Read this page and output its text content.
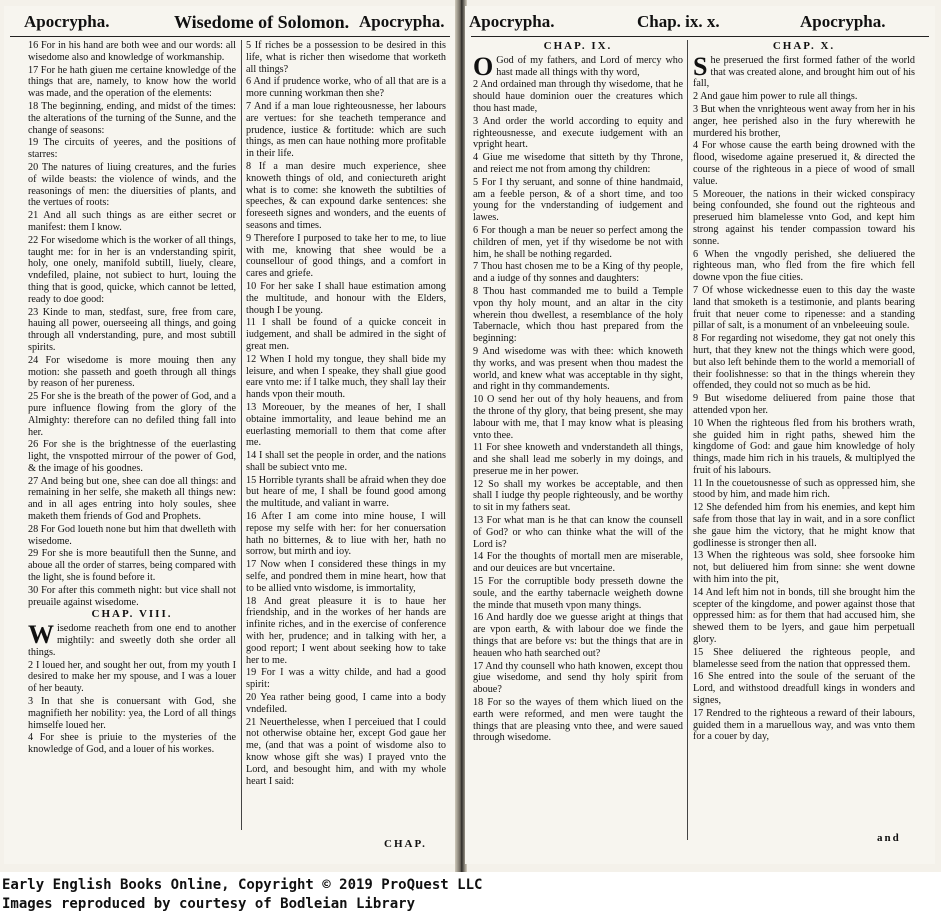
Apocrypha.	Wisedome of Solomon. Apocrypha.

16 For in his hand are both wee and our words: all wisedome also and knowledge of workmanship.

17 For he hath giuen me certaine knowledge of the things that are, namely, to know how the world was made, and the operation of the elements:

18 The beginning, ending, and midst of the times: the alterations of the turning of the Sunne, and the change of seasons:

19 The circuits of yeeres, and the positions of starres:

20 The natures of liuing creatures, and the furies of wilde beasts: the violence of winds, and the reasonings of men: the diuersities of plants, and the vertues of roots:

21 And all such things as are either secret or manifest: them I know.

22 For wisedome which is the worker of all things, taught me: for in her is an vnderstanding spirit, holy, one onely, manifold subtill, liuely, cleare, vndefiled, plaine, not subiect to hurt, louing the thing that is good, quicke, which cannot be letted, ready to doe good:

23 Kinde to man, stedfast, sure, free from care, hauing all power, ouerseeing all things, and going through all vnderstanding, pure, and most subtill spirits.

24 For wisedome is more mouing then any motion: she passeth and goeth through all things by reason of her pureness.

25 For she is the breath of the power of God, and a pure influence flowing from the glory of the Almighty: therefore can no defiled thing fall into her.

26 For she is the brightnesse of the euerlasting light, the vnspotted mirrour of the power of God, & the image of his goodnes.

27 And being but one, shee can doe all things: and remaining in her selfe, she maketh all things new: and in all ages entring into holy soules, shee maketh them friends of God and Prophets.

28 For God loueth none but him that dwelleth with wisedome.

29 For she is more beautifull then the Sunne, and aboue all the order of starres, being compared with the light, she is found before it.

30 For after this commeth night: but vice shall not preuaile against wisedome.

CHAP. VIII.

Wisedome reacheth from one end to another mightily: and sweetly doth she order all things.

2 I loued her, and sought her out, from my youth I desired to make her my spouse, and I was a louer of her beauty.

3 In that she is conuersant with God, she magnifieth her nobility: yea, the Lord of all things himselfe loued her.

4 For shee is priuie to the mysteries of the knowledge of God, and a louer of his workes.

5 If riches be a possession to be desired in this life, what is richer then wisedome that worketh all things?

6 And if prudence worke, who of all that are is a more cunning workman then she?

7 And if a man loue righteousnesse, her labours are vertues: for she teacheth temperance and prudence, iustice & fortitude: which are such things, as men can haue nothing more profitable in their life.

8 If a man desire much experience, shee knoweth things of old, and coniectureth aright what is to come: she knoweth the subtilties of speeches, & can expound darke sentences: she foreseeth signes and wonders, and the euents of seasons and times.

9 Therefore I purposed to take her to me, to liue with me, knowing that shee would be a counsellour of good things, and a comfort in cares and griefe.

10 For her sake I shall haue estimation among the multitude, and honour with the Elders, though I be young.

11 I shall be found of a quicke conceit in iudgement, and shall be admired in the sight of great men.

12 When I hold my tongue, they shall bide my leisure, and when I speake, they shall giue good eare vnto me: if I talke much, they shall lay their hands vpon their mouth.

13 Moreouer, by the meanes of her, I shall obtaine immortality, and leaue behind me an euerlasting memoriall to them that come after me.

14 I shall set the people in order, and the nations shall be subiect vnto me.

15 Horrible tyrants shall be afraid when they doe but heare of me, I shall be found good among the multitude, and valiant in warre.

16 After I am come into mine house, I will repose my selfe with her: for her conuersation hath no bitternes, & to liue with her, hath no sorrow, but mirth and ioy.

17 Now when I considered these things in my selfe, and pondred them in mine heart, how that to be allied vnto wisdome, is immortality,

18 And great pleasure it is to haue her friendship, and in the workes of her hands are infinite riches, and in the exercise of conference with her, prudence; and in talking with her, a good report; I went about seeking how to take her to me.

19 For I was a witty childe, and had a good spirit:

20 Yea rather being good, I came into a body vndefiled.

21 Neuerthelesse, when I perceiued that I could not otherwise obtaine her, except God gaue her me, (and that was a point of wisdome also to know whose gift she was) I prayed vnto the Lord, and besought him, and with my whole heart I said:

CHAP.
Apocrypha.	Chap. ix. x.	Apocrypha.
CHAP. IX.

OGod of my fathers, and Lord of mercy who hast made all things with thy word,

2 And ordained man through thy wisedome, that he should haue dominion ouer the creatures which thou hast made,

3 And order the world according to equity and righteousnesse, and execute iudgement with an vpright heart.

4 Giue me wisedome that sitteth by thy Throne, and reiect me not from among thy children:

5 For I thy seruant, and sonne of thine handmaid, am a feeble person, & of a short time, and too young for the vnderstanding of iudgement and lawes.

6 For though a man be neuer so perfect among the children of men, yet if thy wisedome be not with him, he shall be nothing regarded.

7 Thou hast chosen me to be a King of thy people, and a iudge of thy sonnes and daughters:

8 Thou hast commanded me to build a Temple vpon thy holy mount, and an altar in the city wherein thou dwellest, a resemblance of the holy Tabernacle, which thou hast prepared from the beginning:

9 And wisedome was with thee: which knoweth thy works, and was present when thou madest the world, and knew what was acceptable in thy sight, and right in thy commandements.

10 O send her out of thy holy heauens, and from the throne of thy glory, that being present, she may labour with me, that I may know what is pleasing vnto thee.

11 For shee knoweth and vnderstandeth all things, and she shall lead me soberly in my doings, and preserue me in her power.

12 So shall my workes be acceptable, and then shall I iudge thy people righteously, and be worthy to sit in my fathers seat.

13 For what man is he that can know the counsell of God? or who can thinke what the will of the Lord is?

14 For the thoughts of mortall men are miserable, and our deuices are but vncertaine.

15 For the corruptible body presseth downe the soule, and the earthy tabernacle weigheth downe the minde that museth vpon many things.

16 And hardly doe we guesse aright at things that are vpon earth, & with labour doe we finde the things that are before vs: but the things that are in heauen who hath searched out?

17 And thy counsell who hath knowen, except thou giue wisedome, and send thy holy spirit from aboue?

18 For so the wayes of them which liued on the earth were reformed, and men were taught the things that are pleasing vnto thee, and were saued through wisedome.

CHAP. X.

She preserued the first formed father of the world that was created alone, and brought him out of his fall,

2 And gaue him power to rule all things.

3 But when the vnrighteous went away from her in his anger, hee perished also in the fury wherewith he murdered his brother,

4 For whose cause the earth being drowned with the flood, wisedome againe preserued it, & directed the course of the righteous in a piece of wood of small value.

5 Moreouer, the nations in their wicked conspiracy being confounded, she found out the righteous and preserued him blamelesse vnto God, and kept him strong against his tender compassion toward his sonne.

6 When the vngodly perished, she deliuered the righteous man, who fled from the fire which fell downe vpon the fiue cities.

7 Of whose wickednesse euen to this day the waste land that smoketh is a testimonie, and plants bearing fruit that neuer come to ripenesse: and a standing pillar of salt, is a monument of an vnbeleeuing soule.

8 For regarding not wisedome, they gat not onely this hurt, that they knew not the things which were good, but also left behinde them to the world a memoriall of their foolishnesse: so that in the things wherein they offended, they could not so much as be hid.

9 But wisedome deliuered from paine those that attended vpon her.

10 When the righteous fled from his brothers wrath, she guided him in right paths, shewed him the kingdome of God: and gaue him knowledge of holy things, made him rich in his trauels, & multiplyed the fruit of his labours.

11 In the couetousnesse of such as oppressed him, she stood by him, and made him rich.

12 She defended him from his enemies, and kept him safe from those that lay in wait, and in a sore conflict she gaue him the victory, that he might know that godlinesse is stronger then all.

13 When the righteous was sold, shee forsooke him not, but deliuered him from sinne: she went downe with him into the pit,

14 And left him not in bonds, till she brought him the scepter of the kingdome, and power against those that oppressed him: as for them that had accused him, she shewed them to be lyers, and gaue him perpetuall glory.

15 Shee deliuered the righteous people, and blamelesse seed from the nation that oppressed them.

16 She entred into the soule of the seruant of the Lord, and withstood dreadfull kings in wonders and signes,

17 Rendred to the righteous a reward of their labours, guided them in a maruellous way, and was vnto them for a couer by day,

and
Early English Books Online, Copyright © 2019 ProQuest LLC
Images reproduced by courtesy of Bodleian Library
